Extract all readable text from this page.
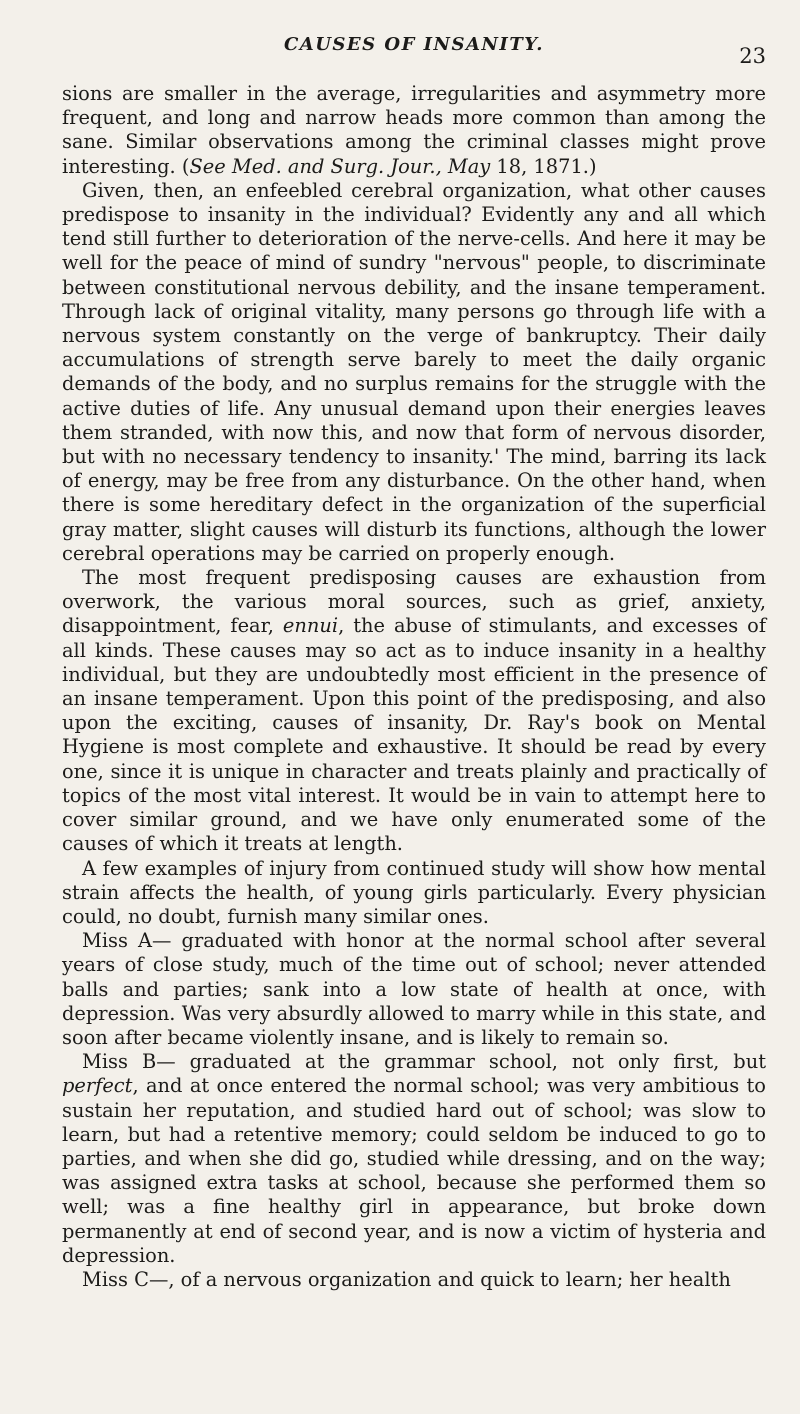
CAUSES OF INSANITY.	23

sions are smaller in the average, irregularities and asymmetry more frequent, and long and narrow heads more common than among the sane. Similar observations among the criminal classes might prove interesting. (See Med. and Surg. Jour., May 18, 1871.)

Given, then, an enfeebled cerebral organization, what other causes predispose to insanity in the individual? Evidently any and all which tend still further to deterioration of the nerve-cells. And here it may be well for the peace of mind of sundry "nervous" people, to discriminate between constitutional nervous debility, and the insane temperament. Through lack of original vitality, many persons go through life with a nervous system constantly on the verge of bankruptcy. Their daily accumulations of strength serve barely to meet the daily organic demands of the body, and no surplus remains for the struggle with the active duties of life. Any unusual demand upon their energies leaves them stranded, with now this, and now that form of nervous disorder, but with no necessary tendency to insanity.' The mind, barring its lack of energy, may be free from any disturbance. On the other hand, when there is some hereditary defect in the organization of the superficial gray matter, slight causes will disturb its functions, although the lower cerebral operations may be carried on properly enough.

The most frequent predisposing causes are exhaustion from overwork, the various moral sources, such as grief, anxiety, disappointment, fear, ennui, the abuse of stimulants, and excesses of all kinds. These causes may so act as to induce insanity in a healthy individual, but they are undoubtedly most efficient in the presence of an insane temperament. Upon this point of the predisposing, and also upon the exciting, causes of insanity, Dr. Ray's book on Mental Hygiene is most complete and exhaustive. It should be read by every one, since it is unique in character and treats plainly and practically of topics of the most vital interest. It would be in vain to attempt here to cover similar ground, and we have only enumerated some of the causes of which it treats at length.

A few examples of injury from continued study will show how mental strain affects the health, of young girls particularly. Every physician could, no doubt, furnish many similar ones.

Miss A— graduated with honor at the normal school after several years of close study, much of the time out of school; never attended balls and parties; sank into a low state of health at once, with depression. Was very absurdly allowed to marry while in this state, and soon after became violently insane, and is likely to remain so.

Miss B— graduated at the grammar school, not only first, but perfect, and at once entered the normal school; was very ambitious to sustain her reputation, and studied hard out of school; was slow to learn, but had a retentive memory; could seldom be induced to go to parties, and when she did go, studied while dressing, and on the way; was assigned extra tasks at school, because she performed them so well; was a fine healthy girl in appearance, but broke down permanently at end of second year, and is now a victim of hysteria and depression.

Miss C—, of a nervous organization and quick to learn; her health
